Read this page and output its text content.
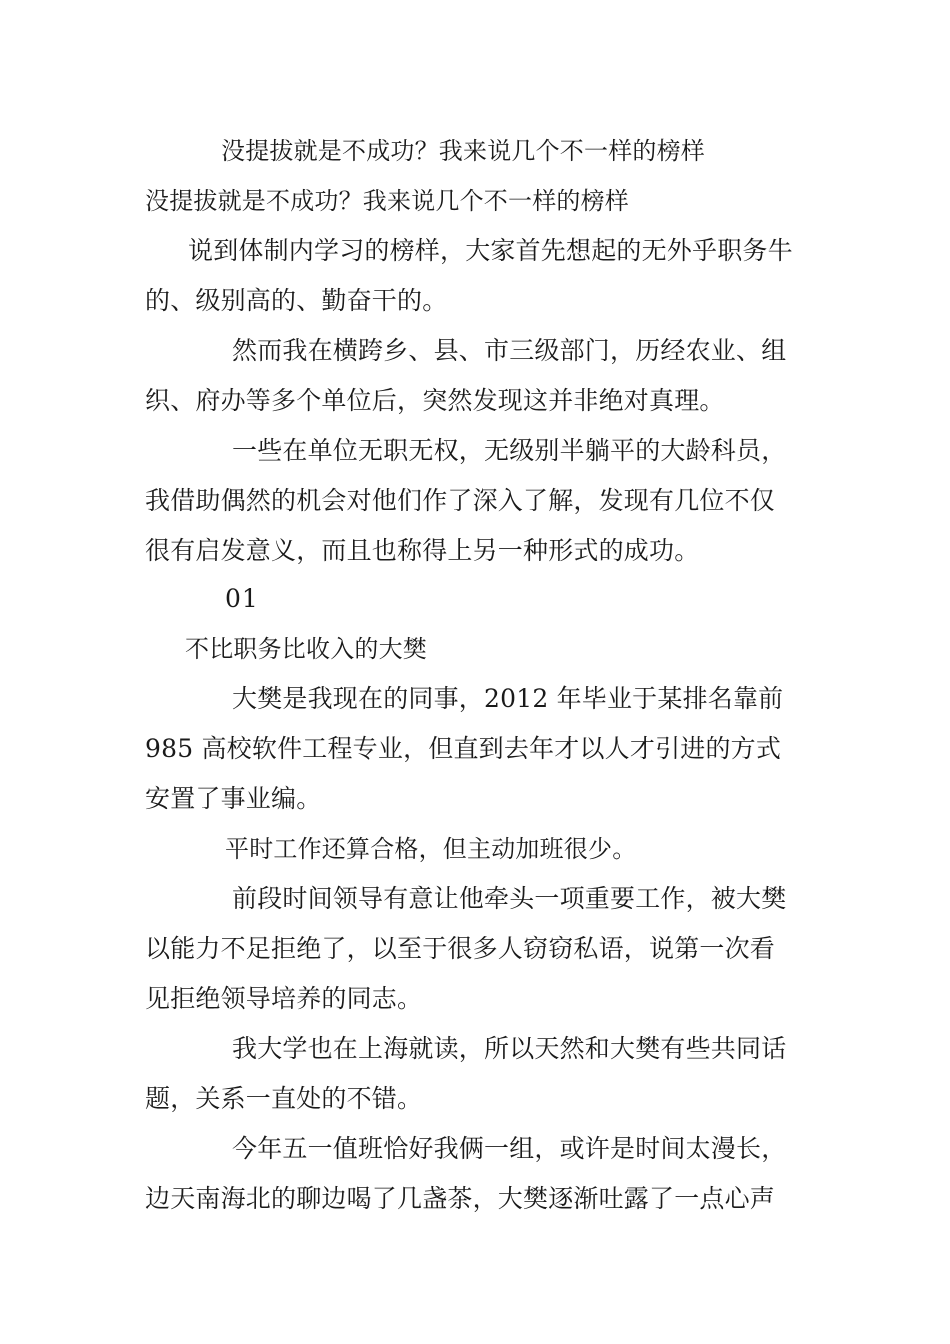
没提拔就是不成功？我来说几个不一样的榜样
没提拔就是不成功？我来说几个不一样的榜样
说到体制内学习的榜样，大家首先想起的无外乎职务牛
的、级别高的、勤奋干的。
然而我在横跨乡、县、市三级部门，历经农业、组
织、府办等多个单位后，突然发现这并非绝对真理。
一些在单位无职无权，无级别半躺平的大龄科员，
我借助偶然的机会对他们作了深入了解，发现有几位不仅
很有启发意义，而且也称得上另一种形式的成功。
01
不比职务比收入的大樊
大樊是我现在的同事，2012 年毕业于某排名靠前
985 高校软件工程专业，但直到去年才以人才引进的方式
安置了事业编。
平时工作还算合格，但主动加班很少。
前段时间领导有意让他牵头一项重要工作，被大樊
以能力不足拒绝了，以至于很多人窃窃私语，说第一次看
见拒绝领导培养的同志。
我大学也在上海就读，所以天然和大樊有些共同话
题，关系一直处的不错。
今年五一值班恰好我俩一组，或许是时间太漫长，
边天南海北的聊边喝了几盏茶，大樊逐渐吐露了一点心声
